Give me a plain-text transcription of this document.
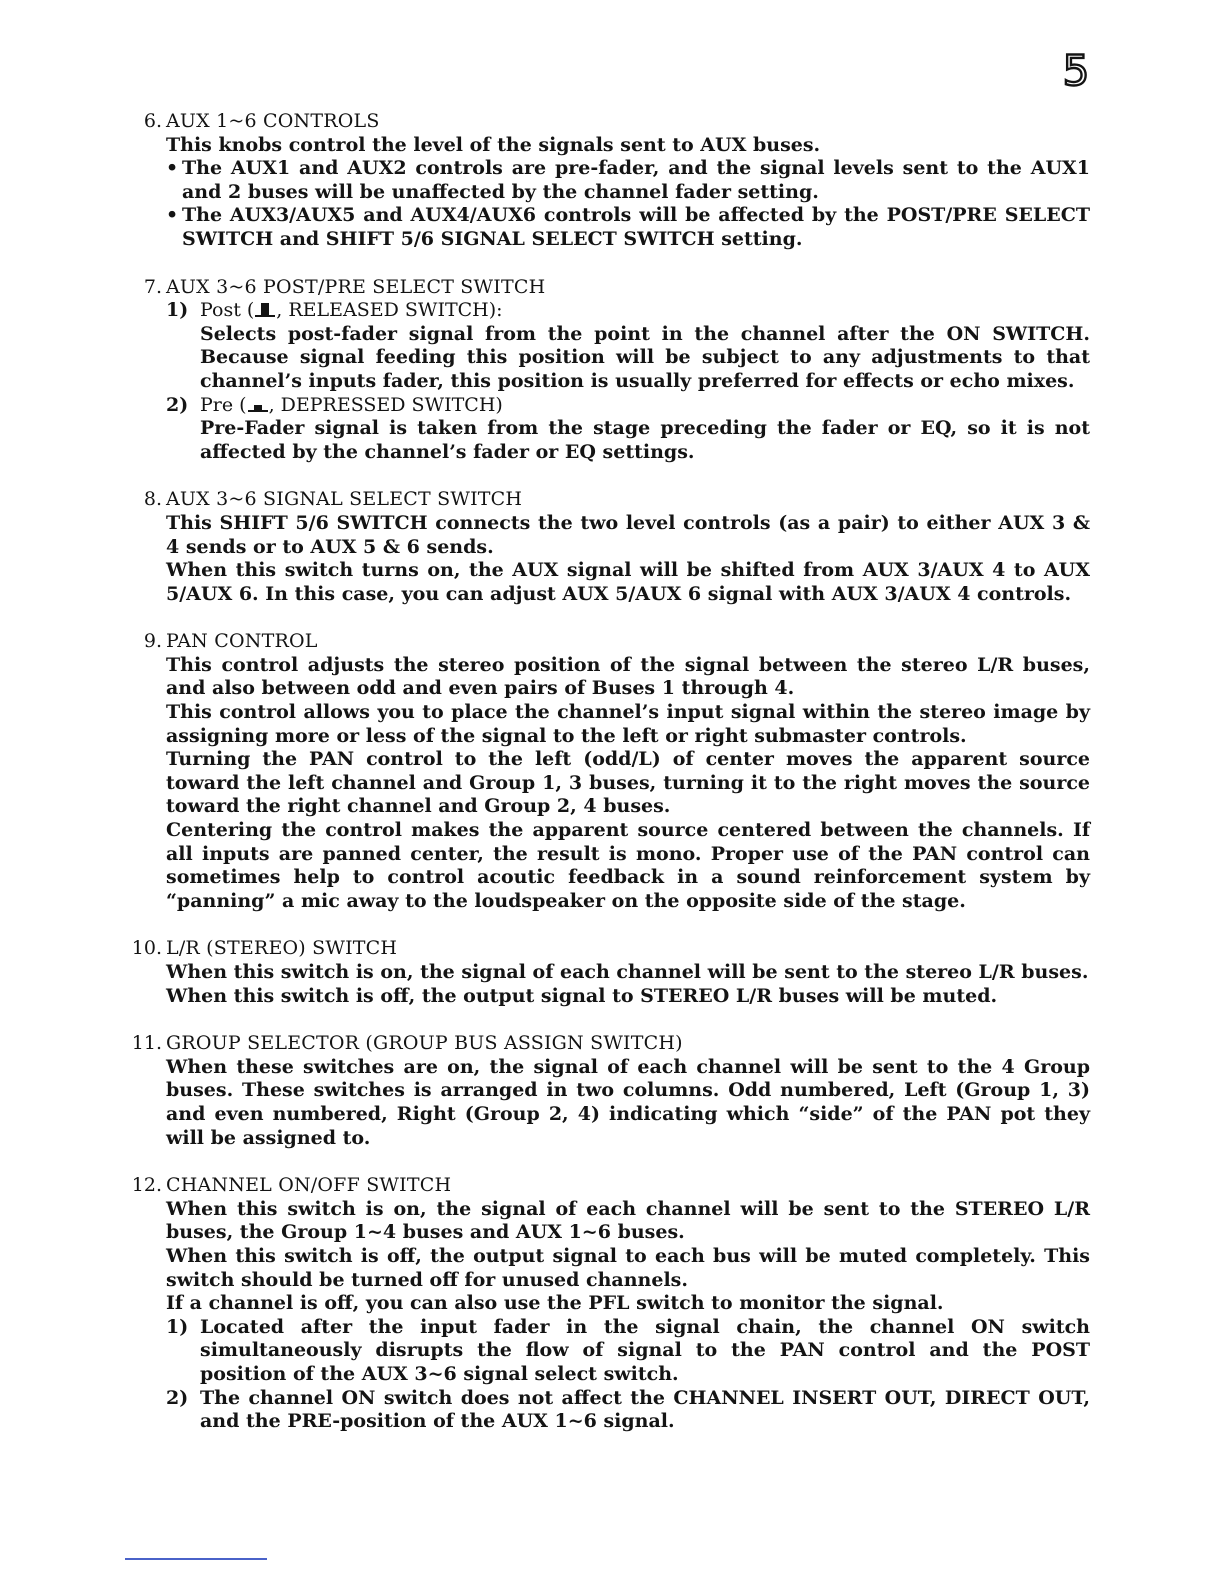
5
6. AUX 1~6 CONTROLS
This knobs control the level of the signals sent to AUX buses.
• The AUX1 and AUX2 controls are pre-fader, and the signal levels sent to the AUX1 and 2 buses will be unaffected by the channel fader setting.
• The AUX3/AUX5 and AUX4/AUX6 controls will be affected by the POST/PRE SELECT SWITCH and SHIFT 5/6 SIGNAL SELECT SWITCH setting.
7. AUX 3~6 POST/PRE SELECT SWITCH
1) Post ( , RELEASED SWITCH):
Selects post-fader signal from the point in the channel after the ON SWITCH. Because signal feeding this position will be subject to any adjustments to that channel’s inputs fader, this position is usually preferred for effects or echo mixes.
2) Pre ( , DEPRESSED SWITCH)
Pre-Fader signal is taken from the stage preceding the fader or EQ, so it is not affected by the channel’s fader or EQ settings.
8. AUX 3~6 SIGNAL SELECT SWITCH
This SHIFT 5/6 SWITCH connects the two level controls (as a pair) to either AUX 3 & 4 sends or to AUX 5 & 6 sends.
When this switch turns on, the AUX signal will be shifted from AUX 3/AUX 4 to AUX 5/AUX 6. In this case, you can adjust AUX 5/AUX 6 signal with AUX 3/AUX 4 controls.
9. PAN CONTROL
This control adjusts the stereo position of the signal between the stereo L/R buses, and also between odd and even pairs of Buses 1 through 4.
This control allows you to place the channel’s input signal within the stereo image by assigning more or less of the signal to the left or right submaster controls.
Turning the PAN control to the left (odd/L) of center moves the apparent source toward the left channel and Group 1, 3 buses, turning it to the right moves the source toward the right channel and Group 2, 4 buses.
Centering the control makes the apparent source centered between the channels. If all inputs are panned center, the result is mono. Proper use of the PAN control can sometimes help to control acoutic feedback in a sound reinforcement system by “panning” a mic away to the loudspeaker on the opposite side of the stage.
10. L/R (STEREO) SWITCH
When this switch is on, the signal of each channel will be sent to the stereo L/R buses.
When this switch is off, the output signal to STEREO L/R buses will be muted.
11. GROUP SELECTOR (GROUP BUS ASSIGN SWITCH)
When these switches are on, the signal of each channel will be sent to the 4 Group buses. These switches is arranged in two columns. Odd numbered, Left (Group 1, 3) and even numbered, Right (Group 2, 4) indicating which “side” of the PAN pot they will be assigned to.
12. CHANNEL ON/OFF SWITCH
When this switch is on, the signal of each channel will be sent to the STEREO L/R buses, the Group 1~4 buses and AUX 1~6 buses.
When this switch is off, the output signal to each bus will be muted completely. This switch should be turned off for unused channels.
If a channel is off, you can also use the PFL switch to monitor the signal.
1) Located after the input fader in the signal chain, the channel ON switch simultaneously disrupts the flow of signal to the PAN control and the POST position of the AUX 3~6 signal select switch.
2) The channel ON switch does not affect the CHANNEL INSERT OUT, DIRECT OUT, and the PRE-position of the AUX 1~6 signal.
